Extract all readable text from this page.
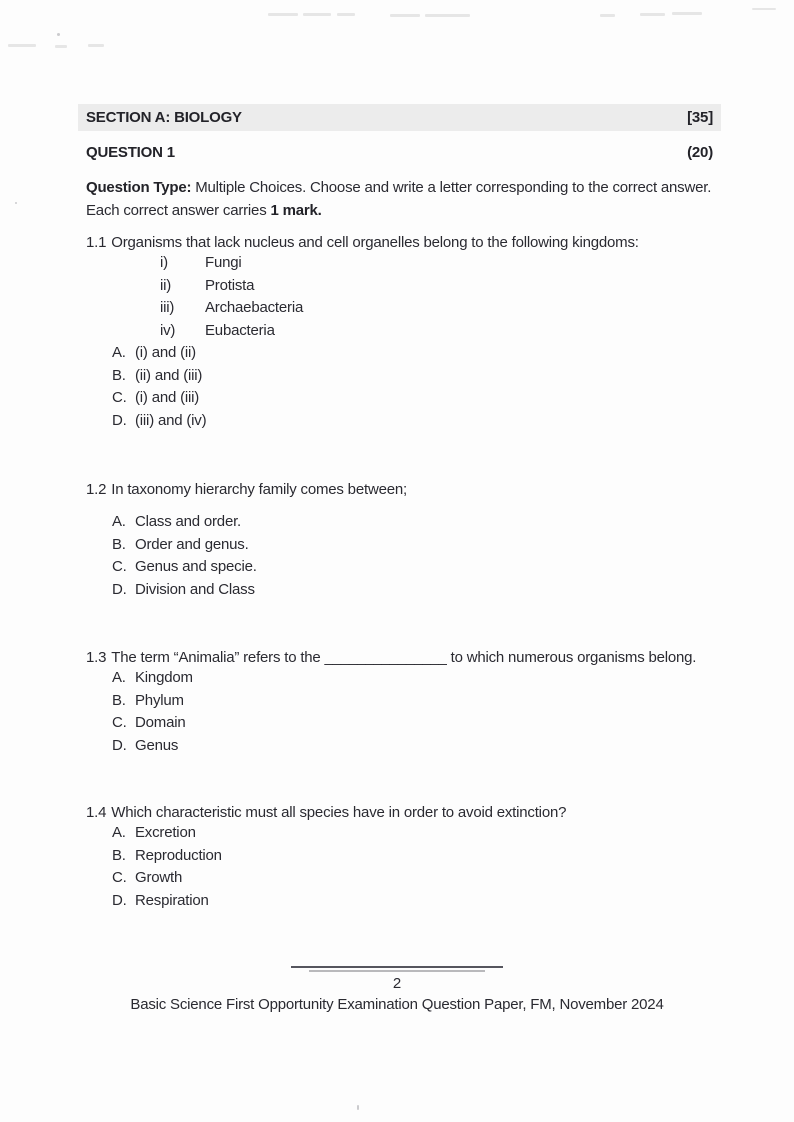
SECTION A: BIOLOGY	[35]
QUESTION 1	(20)

Question Type: Multiple Choices. Choose and write a letter corresponding to the correct answer. Each correct answer carries 1 mark.

1.1 Organisms that lack nucleus and cell organelles belong to the following kingdoms:
i) Fungi
ii) Protista
iii) Archaebacteria
iv) Eubacteria
A. (i) and (ii)
B. (ii) and (iii)
C. (i) and (iii)
D. (iii) and (iv)
1.2 In taxonomy hierarchy family comes between;
A. Class and order.
B. Order and genus.
C. Genus and specie.
D. Division and Class
1.3 The term “Animalia” refers to the _______________ to which numerous organisms belong.
A. Kingdom
B. Phylum
C. Domain
D. Genus
1.4 Which characteristic must all species have in order to avoid extinction?
A. Excretion
B. Reproduction
C. Growth
D. Respiration
2
Basic Science First Opportunity Examination Question Paper, FM, November 2024
